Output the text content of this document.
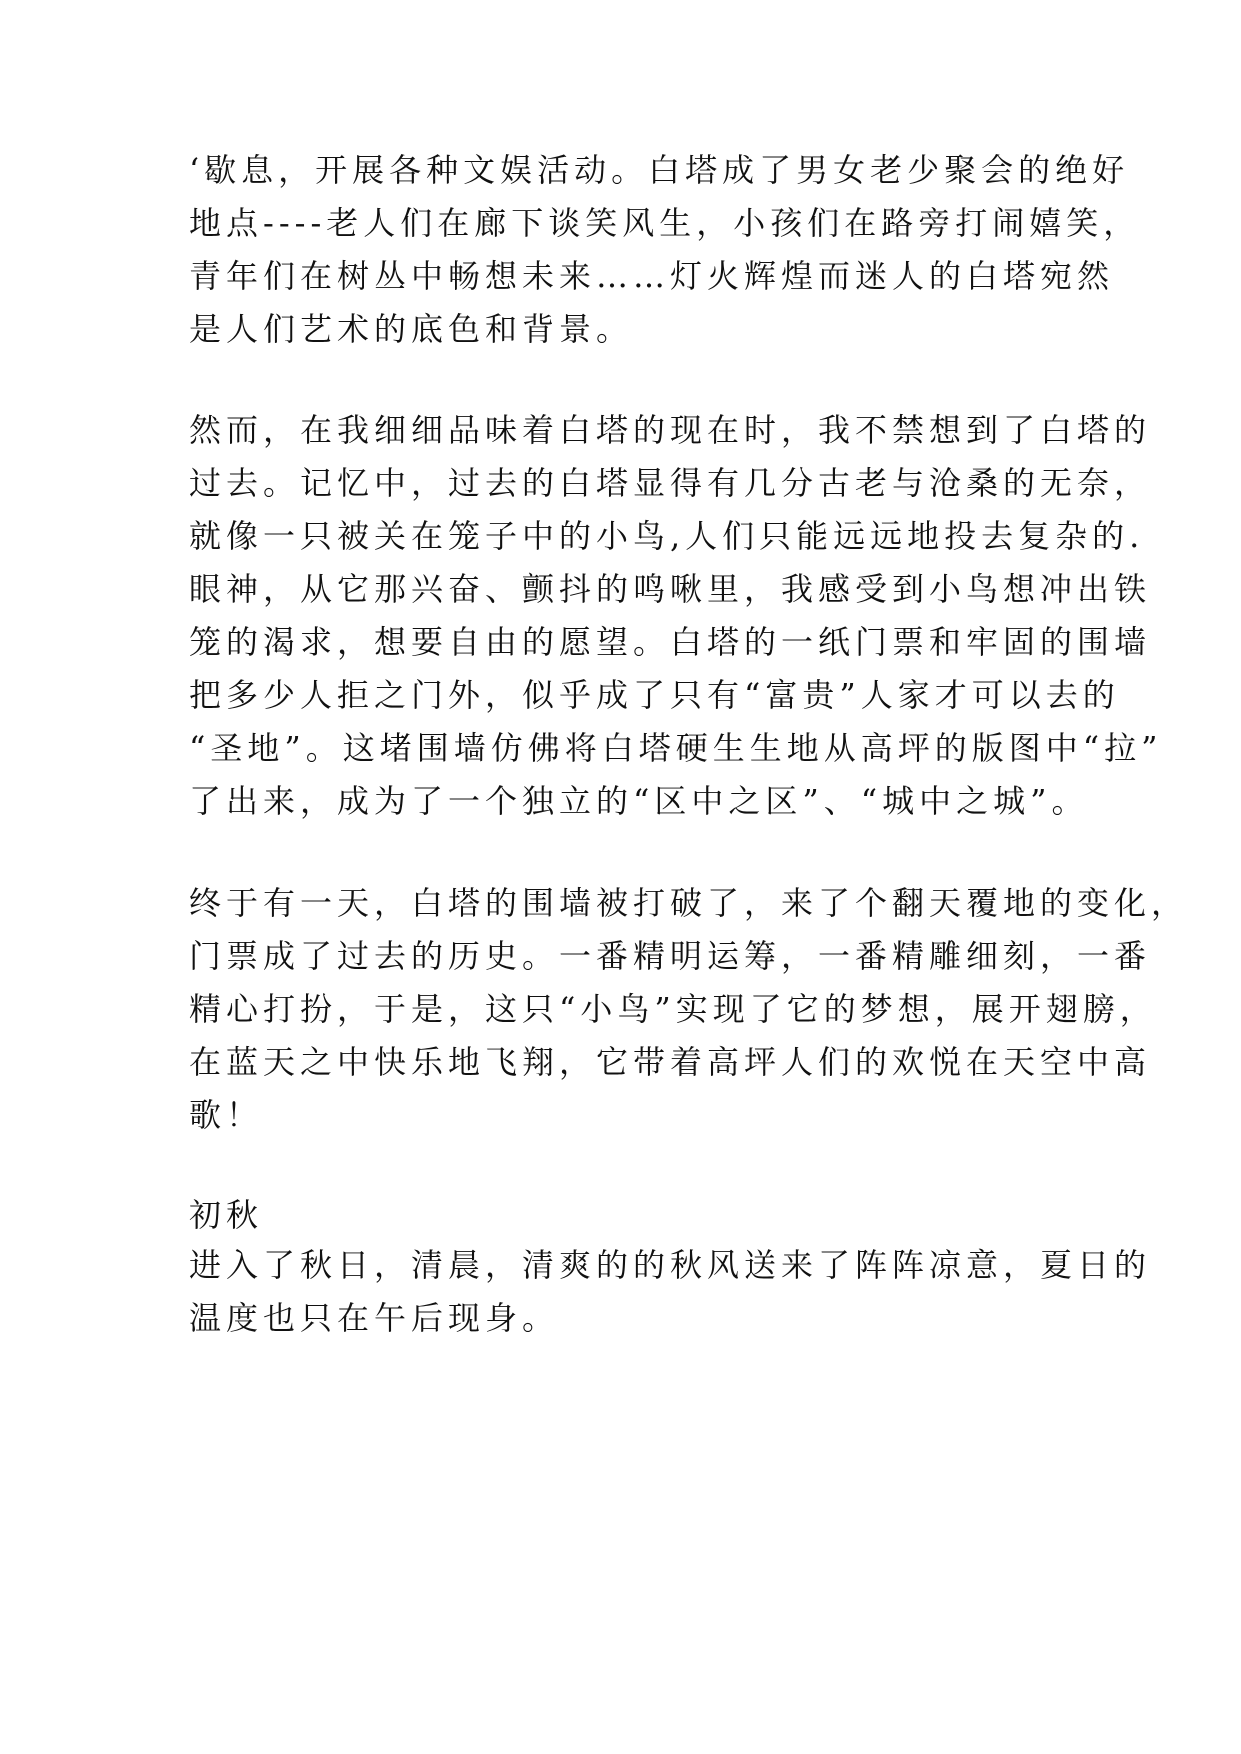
‘歇息，开展各种文娱活动。白塔成了男女老少聚会的绝好
地点----老人们在廊下谈笑风生，小孩们在路旁打闹嬉笑，
青年们在树丛中畅想未来……灯火辉煌而迷人的白塔宛然
是人们艺术的底色和背景。
然而，在我细细品味着白塔的现在时，我不禁想到了白塔的
过去。记忆中，过去的白塔显得有几分古老与沧桑的无奈，
就像一只被关在笼子中的小鸟,人们只能远远地投去复杂的.
眼神，从它那兴奋、颤抖的鸣啾里，我感受到小鸟想冲出铁
笼的渴求，想要自由的愿望。白塔的一纸门票和牢固的围墙
把多少人拒之门外，似乎成了只有“富贵”人家才可以去的
“圣地”。这堵围墙仿佛将白塔硬生生地从高坪的版图中“拉”
了出来，成为了一个独立的“区中之区”、“城中之城”。
终于有一天，白塔的围墙被打破了，来了个翻天覆地的变化，
门票成了过去的历史。一番精明运筹，一番精雕细刻，一番
精心打扮，于是，这只“小鸟”实现了它的梦想，展开翅膀，
在蓝天之中快乐地飞翔，它带着高坪人们的欢悦在天空中高
歌！
初秋
进入了秋日，清晨，清爽的的秋风送来了阵阵凉意，夏日的
温度也只在午后现身。
